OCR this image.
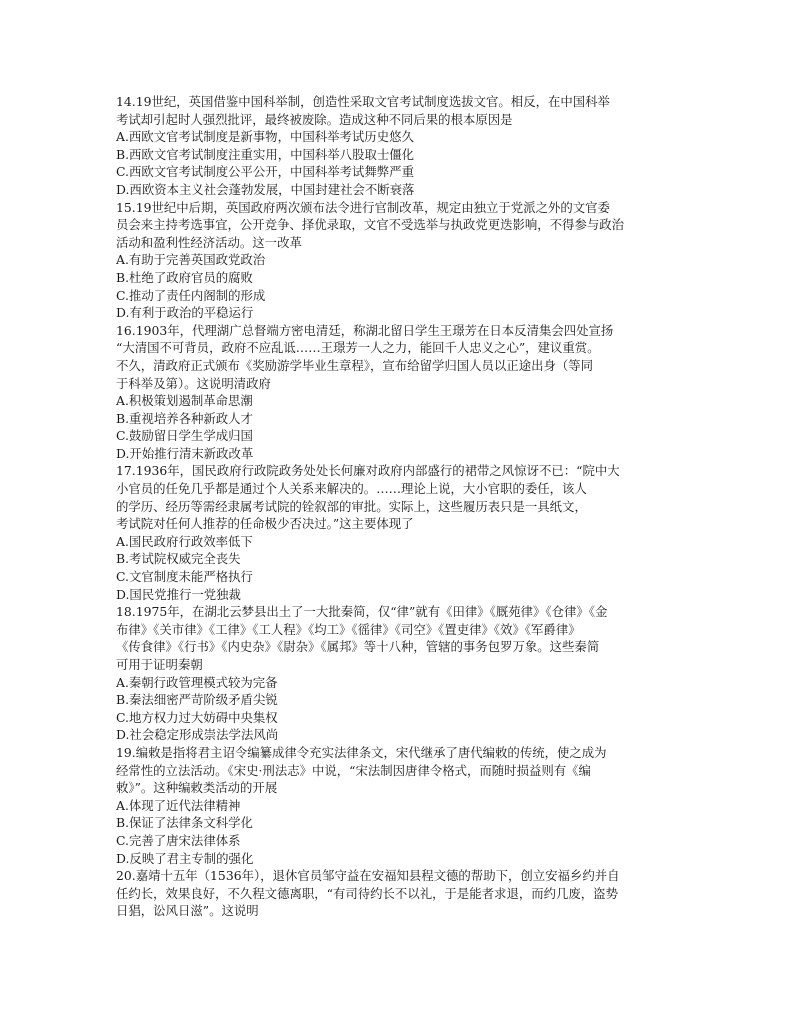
14.19世纪，英国借鉴中国科举制，创造性采取文官考试制度选拔文官。相反，在中国科举
考试却引起时人强烈批评，最终被废除。造成这种不同后果的根本原因是
A.西欧文官考试制度是新事物，中国科举考试历史悠久
B.西欧文官考试制度注重实用，中国科举八股取士僵化
C.西欧文官考试制度公平公开，中国科举考试舞弊严重
D.西欧资本主义社会蓬勃发展，中国封建社会不断衰落
15.19世纪中后期，英国政府两次颁布法令进行官制改革，规定由独立于党派之外的文官委
员会来主持考选事宜，公开竞争、择优录取，文官不受选举与执政党更迭影响，不得参与政治
活动和盈利性经济活动。这一改革
A.有助于完善英国政党政治
B.杜绝了政府官员的腐败
C.推动了责任内阁制的形成
D.有利于政治的平稳运行
16.1903年，代理湖广总督端方密电清廷，称湖北留日学生王璟芳在日本反清集会四处宣扬
“大清国不可背员，政府不应乱诋……王璟芳一人之力，能回千人忠义之心”，建议重赏。
不久，清政府正式颁布《奖励游学毕业生章程》，宣布给留学归国人员以正途出身（等同
于科举及第）。这说明清政府
A.积极策划遏制革命思潮
B.重视培养各种新政人才
C.鼓励留日学生学成归国
D.开始推行清末新政改革
17.1936年，国民政府行政院政务处处长何廉对政府内部盛行的裙带之风惊讶不已：“院中大
小官员的任免几乎都是通过个人关系来解决的。……理论上说，大小官职的委任，该人
的学历、经历等需经隶属考试院的铨叙部的审批。实际上，这些履历表只是一具纸文，
考试院对任何人推荐的任命极少否决过。”这主要体现了
A.国民政府行政效率低下
B.考试院权威完全丧失
C.文官制度未能严格执行
D.国民党推行一党独裁
18.1975年，在湖北云梦县出土了一大批秦简，仅“律”就有《田律》《厩苑律》《仓律》《金
布律》《关市律》《工律》《工人程》《均工》《徭律》《司空》《置吏律》《效》《军爵律》
《传食律》《行书》《内史杂》《尉杂》《属邦》等十八种，管辖的事务包罗万象。这些秦简
可用于证明秦朝
A.秦朝行政管理模式较为完备
B.秦法细密严苛阶级矛盾尖锐
C.地方权力过大妨碍中央集权
D.社会稳定形成崇法学法风尚
19.编敕是指将君主诏令编纂成律令充实法律条文，宋代继承了唐代编敕的传统，使之成为
经常性的立法活动。《宋史·刑法志》中说，“宋法制因唐律令格式，而随时损益则有《编
敕》”。这种编敕类活动的开展
A.体现了近代法律精神
B.保证了法律条文科学化
C.完善了唐宋法律体系
D.反映了君主专制的强化
20.嘉靖十五年（1536年），退休官员邹守益在安福知县程文德的帮助下，创立安福乡约并自
任约长，效果良好，不久程文德离职，“有司待约长不以礼，于是能者求退，而约几废，盗势
日猖，讼风日滋”。这说明
